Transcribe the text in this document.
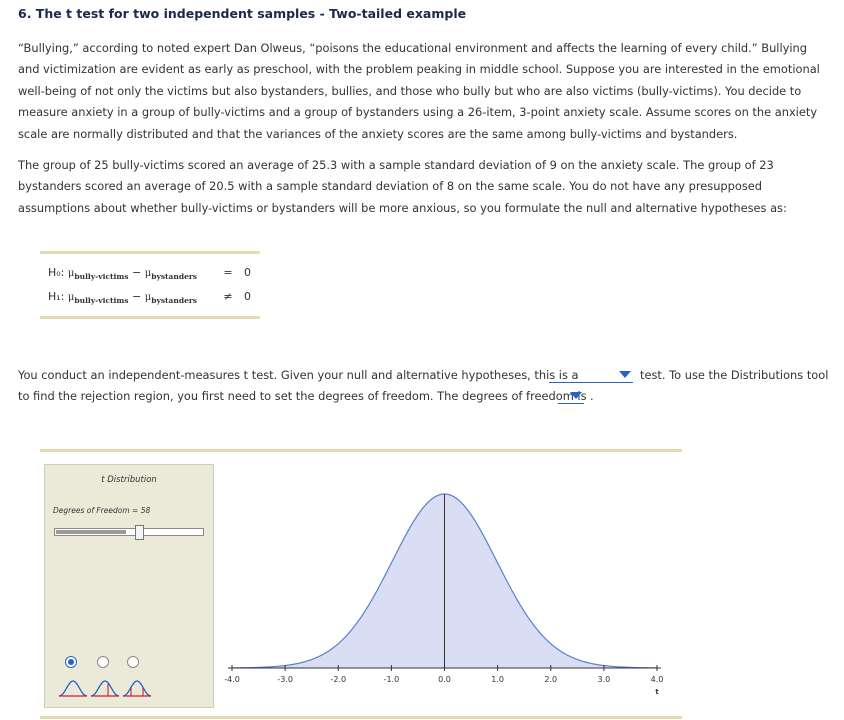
6. The t test for two independent samples - Two-tailed example
“Bullying,” according to noted expert Dan Olweus, “poisons the educational environment and affects the learning of every child.” Bullying and victimization are evident as early as preschool, with the problem peaking in middle school. Suppose you are interested in the emotional well-being of not only the victims but also bystanders, bullies, and those who bully but who are also victims (bully-victims). You decide to measure anxiety in a group of bully-victims and a group of bystanders using a 26-item, 3-point anxiety scale. Assume scores on the anxiety scale are normally distributed and that the variances of the anxiety scores are the same among bully-victims and bystanders.
The group of 25 bully-victims scored an average of 25.3 with a sample standard deviation of 9 on the anxiety scale. The group of 23 bystanders scored an average of 20.5 with a sample standard deviation of 8 on the same scale. You do not have any presupposed assumptions about whether bully-victims or bystanders will be more anxious, so you formulate the null and alternative hypotheses as:
H₀: $\mu_{bully-victims} - \mu_{bystanders}$	=	0
H₁: $\mu_{bully-victims} - \mu_{bystanders}$	≠	0
You conduct an independent-measures t test. Given your null and alternative hypotheses, this is a	test. To use the Distributions tool
to find the rejection region, you first need to set the degrees of freedom. The degrees of freedom is .
t Distribution
Degrees of Freedom = 58
-4.0	-3.0	-2.0	-1.0	0.0	1.0	2.0	3.0	4.0
t
